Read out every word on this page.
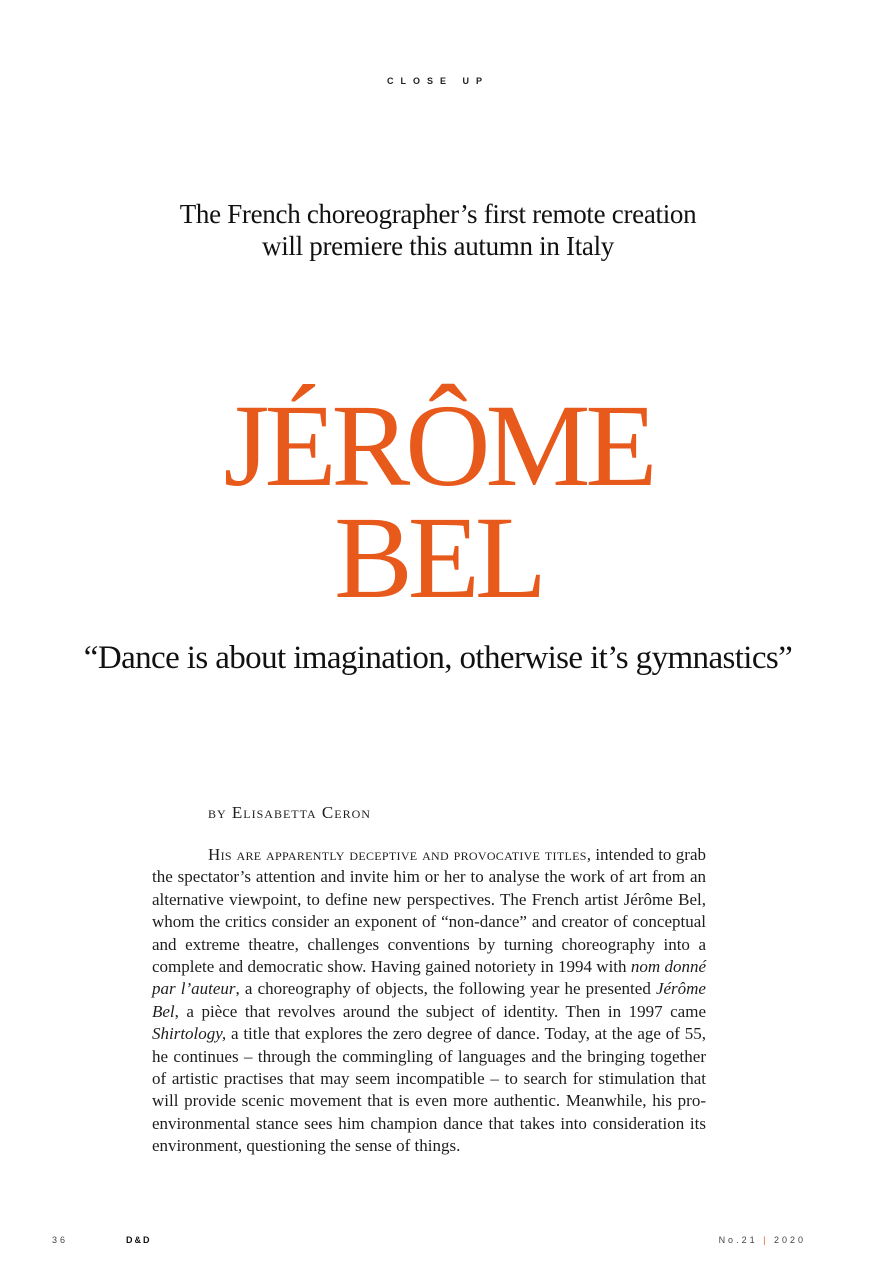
CLOSE UP
The French choreographer’s first remote creation
will premiere this autumn in Italy
JÉRÔME
BEL
“Dance is about imagination, otherwise it’s gymnastics”
by Elisabetta Ceron
His are apparently deceptive and provocative titles, intended to grab the spectator’s attention and invite him or her to analyse the work of art from an alternative viewpoint, to define new perspectives. The French artist Jérôme Bel, whom the critics consider an exponent of “non-dance” and creator of conceptual and extreme theatre, challenges conventions by turning choreography into a complete and democratic show. Having gained notoriety in 1994 with nom donné par l’auteur, a choreography of objects, the following year he presented Jérôme Bel, a pièce that revolves around the subject of identity. Then in 1997 came Shirtology, a title that explores the zero degree of dance. Today, at the age of 55, he continues – through the commingling of languages and the bringing together of artistic practises that may seem incompatible – to search for stimulation that will provide scenic movement that is even more authentic. Meanwhile, his pro-environmental stance sees him champion dance that takes into consideration its environment, questioning the sense of things.
36	D&D	No.21 | 2020
